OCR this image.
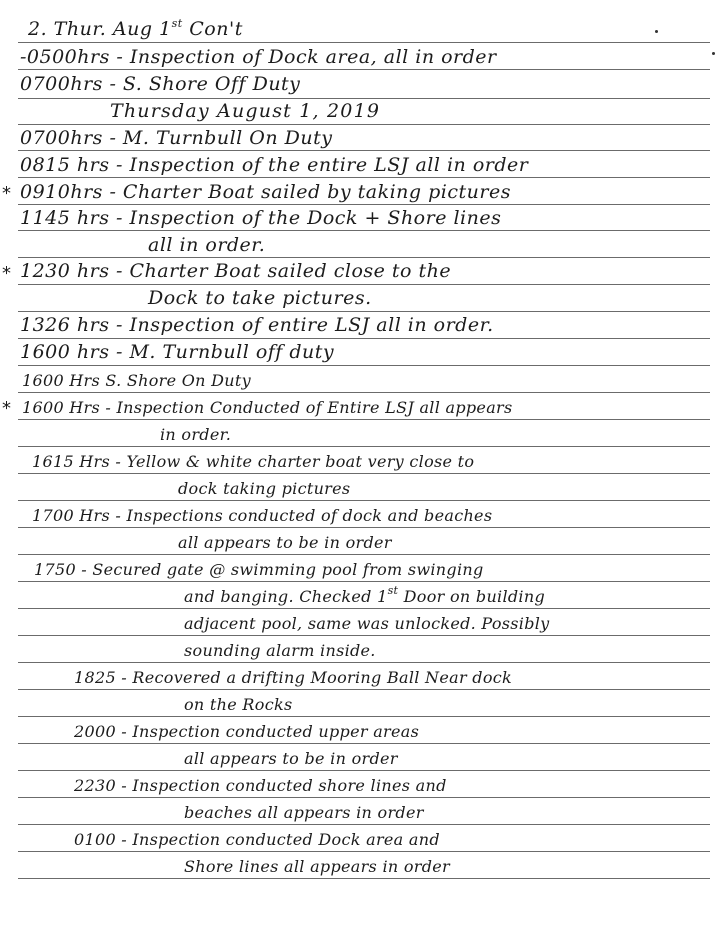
2. Thur. Aug 1st Con't
-0500hrs - Inspection of Dock area, all in order
0700hrs - S. Shore Off Duty
Thursday August 1, 2019
0700hrs - M. Turnbull On Duty
0815 hrs - Inspection of the entire LSJ all in order
* 0910hrs - Charter Boat sailed by taking pictures
1145 hrs - Inspection of the Dock + Shore lines
all in order.
* 1230 hrs - Charter Boat sailed close to the
Dock to take pictures.
1326 hrs - Inspection of entire LSJ all in order.
1600 hrs - M. Turnbull off duty
1600 Hrs S. Shore On Duty
* 1600 Hrs - Inspection Conducted of Entire LSJ all appears
in order.
1615 Hrs - Yellow & white charter boat very close to
dock taking pictures
1700 Hrs - Inspections conducted of dock and beaches
all appears to be in order
1750 - Secured gate @ swimming pool from swinging
and banging. Checked 1st Door on building
adjacent pool, same was unlocked. Possibly
sounding alarm inside.
1825 - Recovered a drifting Mooring Ball Near dock
on the Rocks
2000 - Inspection conducted upper areas
all appears to be in order
2230 - Inspection conducted shore lines and
beaches all appears in order
0100 - Inspection conducted Dock area and
Shore lines all appears in order
